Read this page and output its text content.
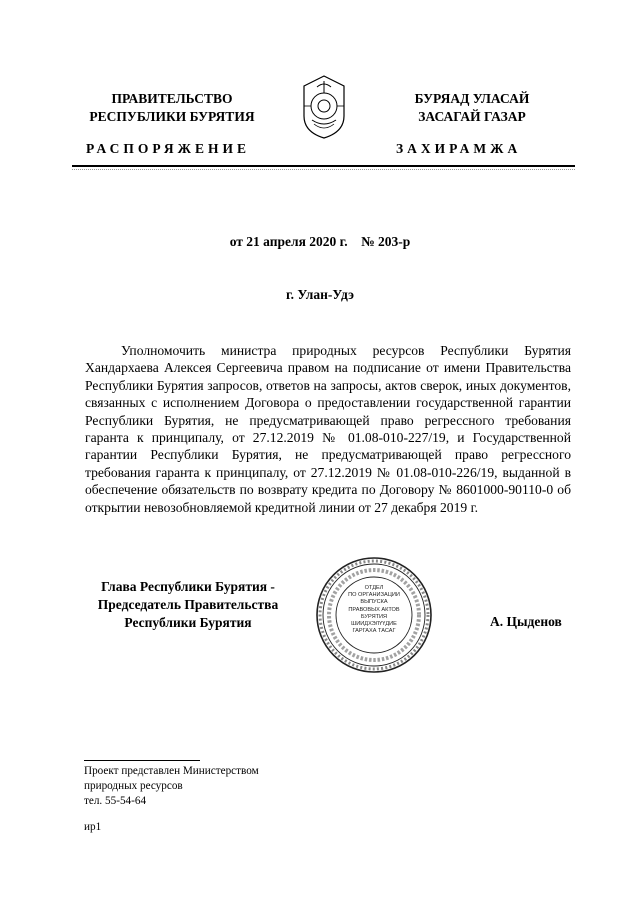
ПРАВИТЕЛЬСТВО
РЕСПУБЛИКИ БУРЯТИЯ
БУРЯАД УЛАСАЙ
ЗАСАГАЙ ГАЗАР
РАСПОРЯЖЕНИЕ	ЗАХИРАМЖА
от 21 апреля 2020 г.    № 203-р
г. Улан-Удэ

Уполномочить министра природных ресурсов Республики Бурятия Хандархаева Алексея Сергеевича правом на подписание от имени Правительства Республики Бурятия запросов, ответов на запросы, актов сверок, иных документов, связанных с исполнением Договора о предоставлении государственной гарантии Республики Бурятия, не предусматривающей право регрессного требования гаранта к принципалу, от 27.12.2019 № 01.08-010-227/19, и Государственной гарантии Республики Бурятия, не предусматривающей право регрессного требования гаранта к принципалу, от 27.12.2019 № 01.08-010-226/19, выданной в обеспечение обязательств по возврату кредита по Договору № 8601000-90110-0 об открытии невозобновляемой кредитной линии от 27 декабря 2019 г.

Глава Республики Бурятия -
Председатель Правительства
Республики Бурятия
ОТДЕЛ
ПО ОРГАНИЗАЦИИ
ВЫПУСКА
ПРАВОВЫХ АКТОВ
БУРЯТИЯ
ШИИДХЭЛҮҮДИЕ
ГАРГАХА ТАСАГ
А. Цыденов
Проект представлен Министерством
природных ресурсов
тел. 55-54-64
ир1
